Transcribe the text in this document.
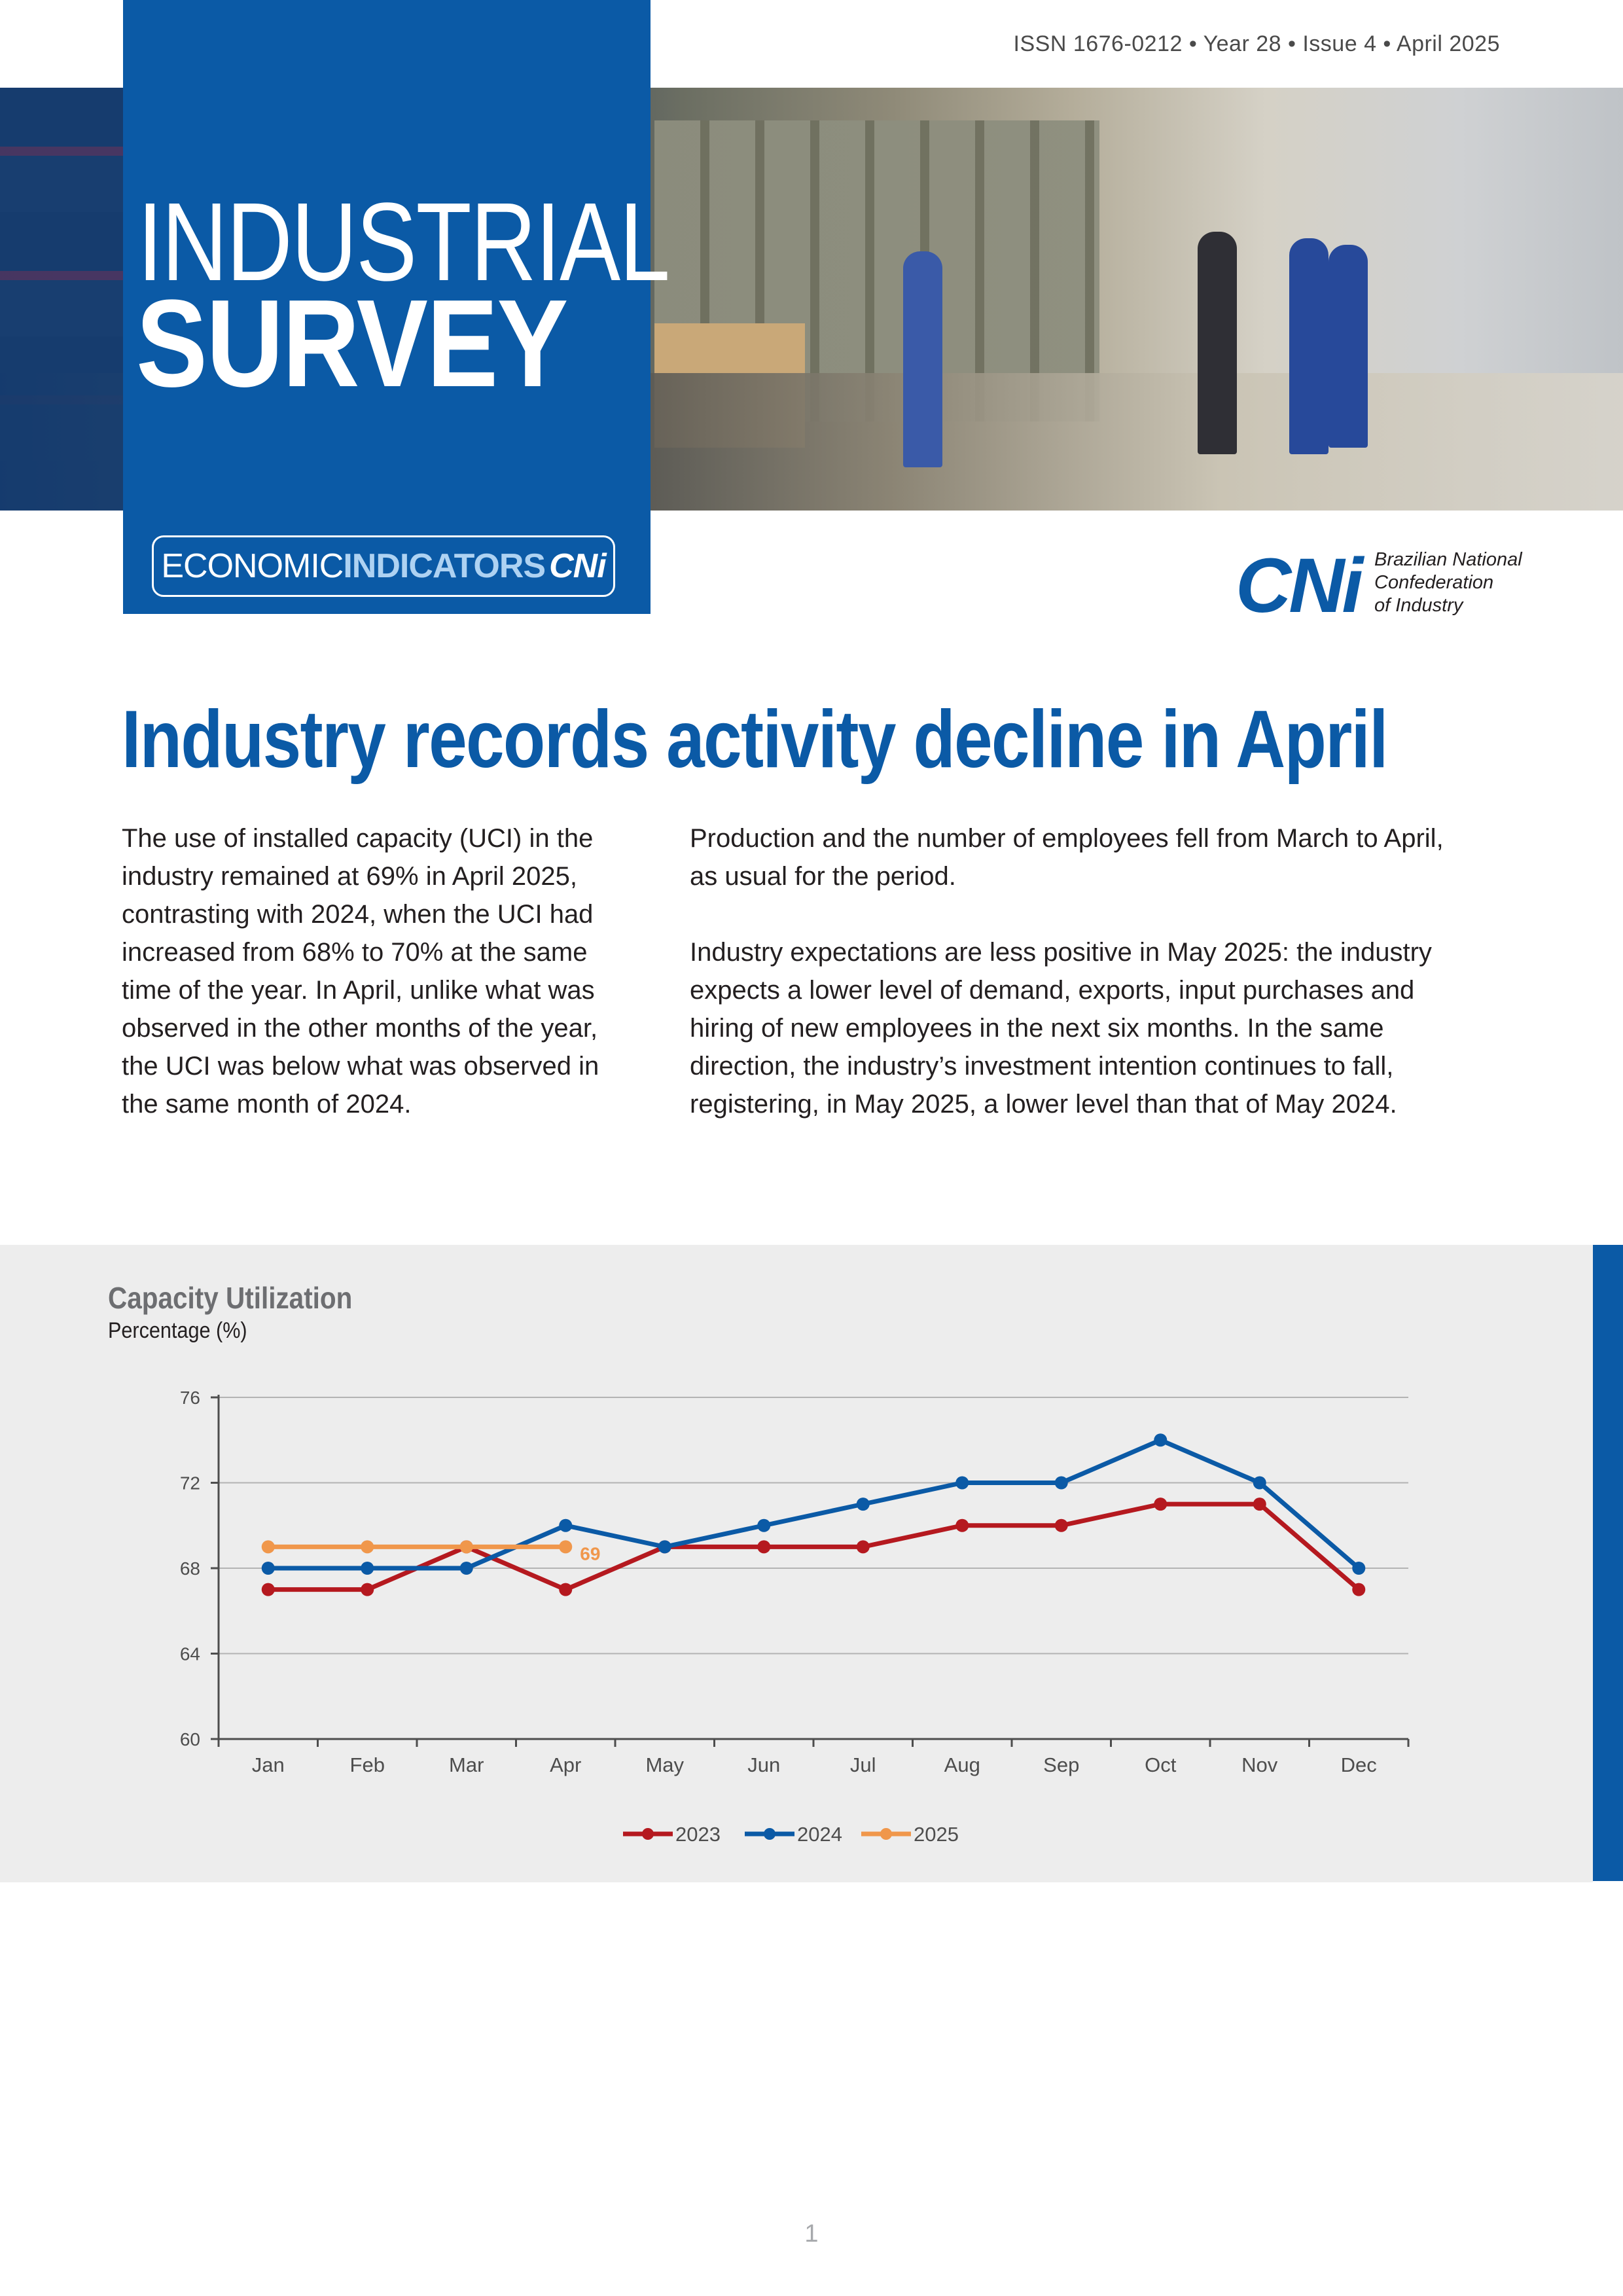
ISSN 1676-0212 • Year 28 • Issue 4 • April 2025
INDUSTRIAL
SURVEY
ECONOMIC INDICATORS CNi	CNi Brazilian National
Confederation
of Industry
Industry records activity decline in April

The use of installed capacity (UCI) in the industry remained at 69% in April 2025, contrasting with 2024, when the UCI had increased from 68% to 70% at the same time of the year. In April, unlike what was observed in the other months of the year, the UCI was below what was observed in the same month of 2024.

Production and the number of employees fell from March to April, as usual for the period.

Industry expectations are less positive in May 2025: the industry expects a lower level of demand, exports, input purchases and hiring of new employees in the next six months. In the same direction, the industry’s investment intention continues to fall, registering, in May 2025, a lower level than that of May 2024.

Capacity Utilization
Percentage (%)
60
64
68
72
76
Jan	Feb	Mar	Apr	May	Jun	Jul	Aug	Sep	Oct	Nov	Dec
69
2023	2024	2025
1
